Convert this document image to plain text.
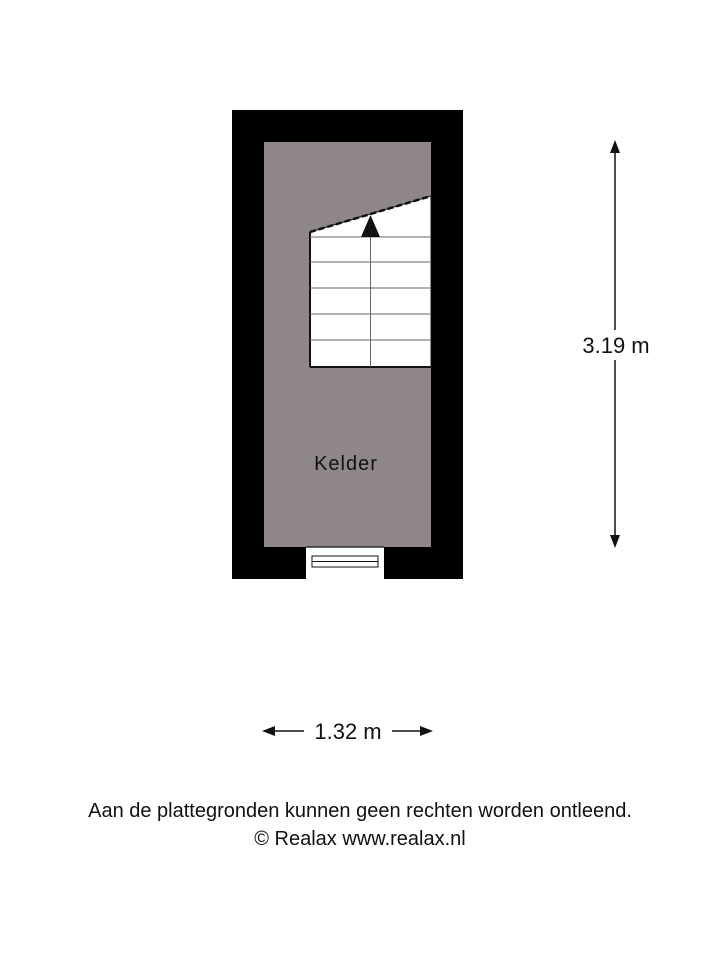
Kelder
3.19 m
1.32 m
Aan de plattegronden kunnen geen rechten worden ontleend.
© Realax www.realax.nl
